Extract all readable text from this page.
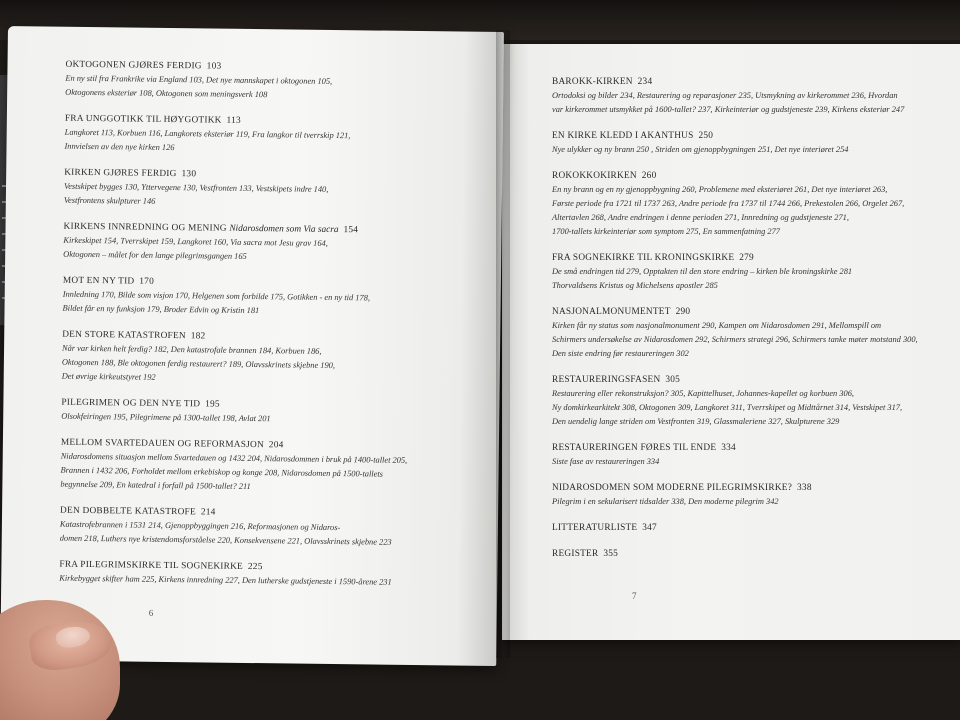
BAROKK-KIRKEN  234
Ortodoksi og bilder 234, Restaurering og reparasjoner 235, Utsmykning av kirkerommet 236, Hvordan
var kirkerommet utsmykket på 1600-tallet? 237, Kirkeinteriør og gudstjeneste 239, Kirkens eksteriør 247
EN KIRKE KLEDD I AKANTHUS  250
Nye ulykker og ny brann 250 , Striden om gjenoppbygningen 251, Det nye interiøret 254
ROKOKKOKIRKEN  260
En ny brann og en ny gjenoppbygning 260, Problemene med eksteriøret 261, Det nye interiøret 263,
Første periode fra 1721 til 1737 263, Andre periode fra 1737 til 1744 266, Prekestolen 266, Orgelet 267,
Altertavlen 268, Andre endringen i denne perioden 271, Innredning og gudstjeneste 271,
1700-tallets kirkeinteriør som symptom 275, En sammenfatning 277
FRA SOGNEKIRKE TIL KRONINGSKIRKE  279
De små endringen tid 279, Opptakten til den store endring – kirken ble kroningskirke 281
Thorvaldsens Kristus og Michelsens apostler 285
NASJONALMONUMENTET  290
Kirken får ny status som nasjonalmonument 290, Kampen om Nidarosdomen 291, Mellomspill om
Schirmers undersøkelse av Nidarosdomen 292, Schirmers strategi 296, Schirmers tanke møter motstand 300,
Den siste endring før restaureringen 302
RESTAURERINGSFASEN  305
Restaurering eller rekonstruksjon? 305, Kapittelhuset, Johannes-kapellet og korbuen 306,
Ny domkirkearkitekt 308, Oktogonen 309, Langkoret 311, Tverrskipet og Midttårnet 314, Vestskipet 317,
Den uendelig lange striden om Vestfronten 319, Glassmaleriene 327, Skulpturene 329
RESTAURERINGEN FØRES TIL ENDE  334
Siste fase av restaureringen 334
NIDAROSDOMEN SOM MODERNE PILEGRIMSKIRKE?  338
Pilegrim i en sekularisert tidsalder 338, Den moderne pilegrim 342
LITTERATURLISTE  347
REGISTER  355
7
OKTOGONEN GJØRES FERDIG  103
En ny stil fra Frankrike via England 103, Det nye mannskapet i oktogonen 105,
Oktogonens eksteriør 108, Oktogonen som meningsverk 108
FRA UNGGOTIKK TIL HØYGOTIKK  113
Langkoret 113, Korbuen 116, Langkorets eksteriør 119, Fra langkor til tverrskip 121,
Innvielsen av den nye kirken 126
KIRKEN GJØRES FERDIG  130
Vestskipet bygges 130, Yttervegene 130, Vestfronten 133, Vestskipets indre 140,
Vestfrontens skulpturer 146
KIRKENS INNREDNING OG MENING Nidarosdomen som Via sacra  154
Kirkeskipet 154, Tverrskipet 159, Langkoret 160, Via sacra mot Jesu grav 164,
Oktogonen – målet for den lange pilegrimsgangen 165
MOT EN NY TID  170
Innledning 170, Bilde som visjon 170, Helgenen som forbilde 175, Gotikken - en ny tid 178,
Bildet får en ny funksjon 179, Broder Edvin og Kristin 181
DEN STORE KATASTROFEN  182
Når var kirken helt ferdig? 182, Den katastrofale brannen 184, Korbuen 186,
Oktogonen 188, Ble oktogonen ferdig restaurert? 189, Olavsskrinets skjebne 190,
Det øvrige kirkeutstyret 192
PILEGRIMEN OG DEN NYE TID  195
Olsokfeiringen 195, Pilegrimene på 1300-tallet 198, Avlat 201
MELLOM SVARTEDAUEN OG REFORMASJON  204
Nidarosdomens situasjon mellom Svartedauen og 1432 204, Nidarosdommen i bruk på 1400-tallet 205,
Brannen i 1432 206, Forholdet mellom erkebiskop og konge 208, Nidarosdomen på 1500-tallets
begynnelse 209, En katedral i forfall på 1500-tallet? 211
DEN DOBBELTE KATASTROFE  214
Katastrofebrannen i 1531 214, Gjenoppbyggingen 216, Reformasjonen og Nidaros-
domen 218, Luthers nye kristendomsforståelse 220, Konsekvensene 221, Olavsskrinets skjebne 223
FRA PILEGRIMSKIRKE TIL SOGNEKIRKE  225
Kirkebygget skifter ham 225, Kirkens innredning 227, Den lutherske gudstjeneste i 1590-årene 231
6
